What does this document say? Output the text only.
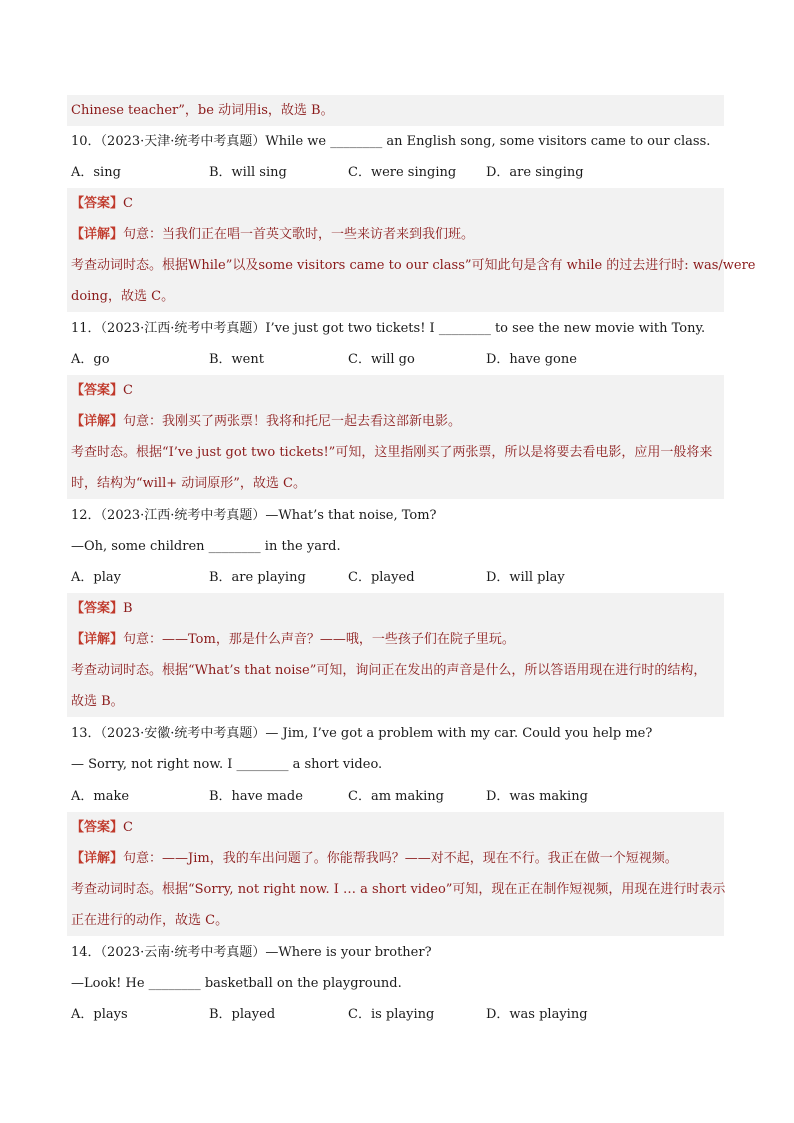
Chinese teacher”，be 动词用is，故选 B。
10．（2023·天津·统考中考真题）While we ________ an English song, some visitors came to our class.
A．sing	B．will sing	C．were singing D．are singing
【答案】C
【详解】句意：当我们正在唱一首英文歌时，一些来访者来到我们班。
考查动词时态。根据While”以及some visitors came to our class”可知此句是含有 while 的过去进行时: was/were
doing，故选 C。
11．（2023·江西·统考中考真题）I’ve just got two tickets! I ________ to see the new movie with Tony.
A．go	B．went	C．will go	D．have gone
【答案】C
【详解】句意：我刚买了两张票！我将和托尼一起去看这部新电影。
考查时态。根据“I’ve just got two tickets!”可知，这里指刚买了两张票，所以是将要去看电影，应用一般将来
时，结构为“will+ 动词原形”，故选 C。
12．（2023·江西·统考中考真题）—What’s that noise, Tom?
—Oh, some children ________ in the yard.
A．play	B．are playing	C．played	D．will play
【答案】B
【详解】句意：——Tom，那是什么声音？——哦，一些孩子们在院子里玩。
考查动词时态。根据“What’s that noise”可知，询问正在发出的声音是什么，所以答语用现在进行时的结构，
故选 B。
13．（2023·安徽·统考中考真题）— Jim, I’ve got a problem with my car. Could you help me?
— Sorry, not right now. I ________ a short video.
A．make	B．have made	C．am making	D．was making
【答案】C
【详解】句意：——Jim，我的车出问题了。你能帮我吗？——对不起，现在不行。我正在做一个短视频。
考查动词时态。根据“Sorry, not right now. I … a short video”可知，现在正在制作短视频，用现在进行时表示
正在进行的动作，故选 C。
14．（2023·云南·统考中考真题）—Where is your brother?
—Look! He ________ basketball on the playground.
A．plays	B．played	C．is playing	D．was playing
